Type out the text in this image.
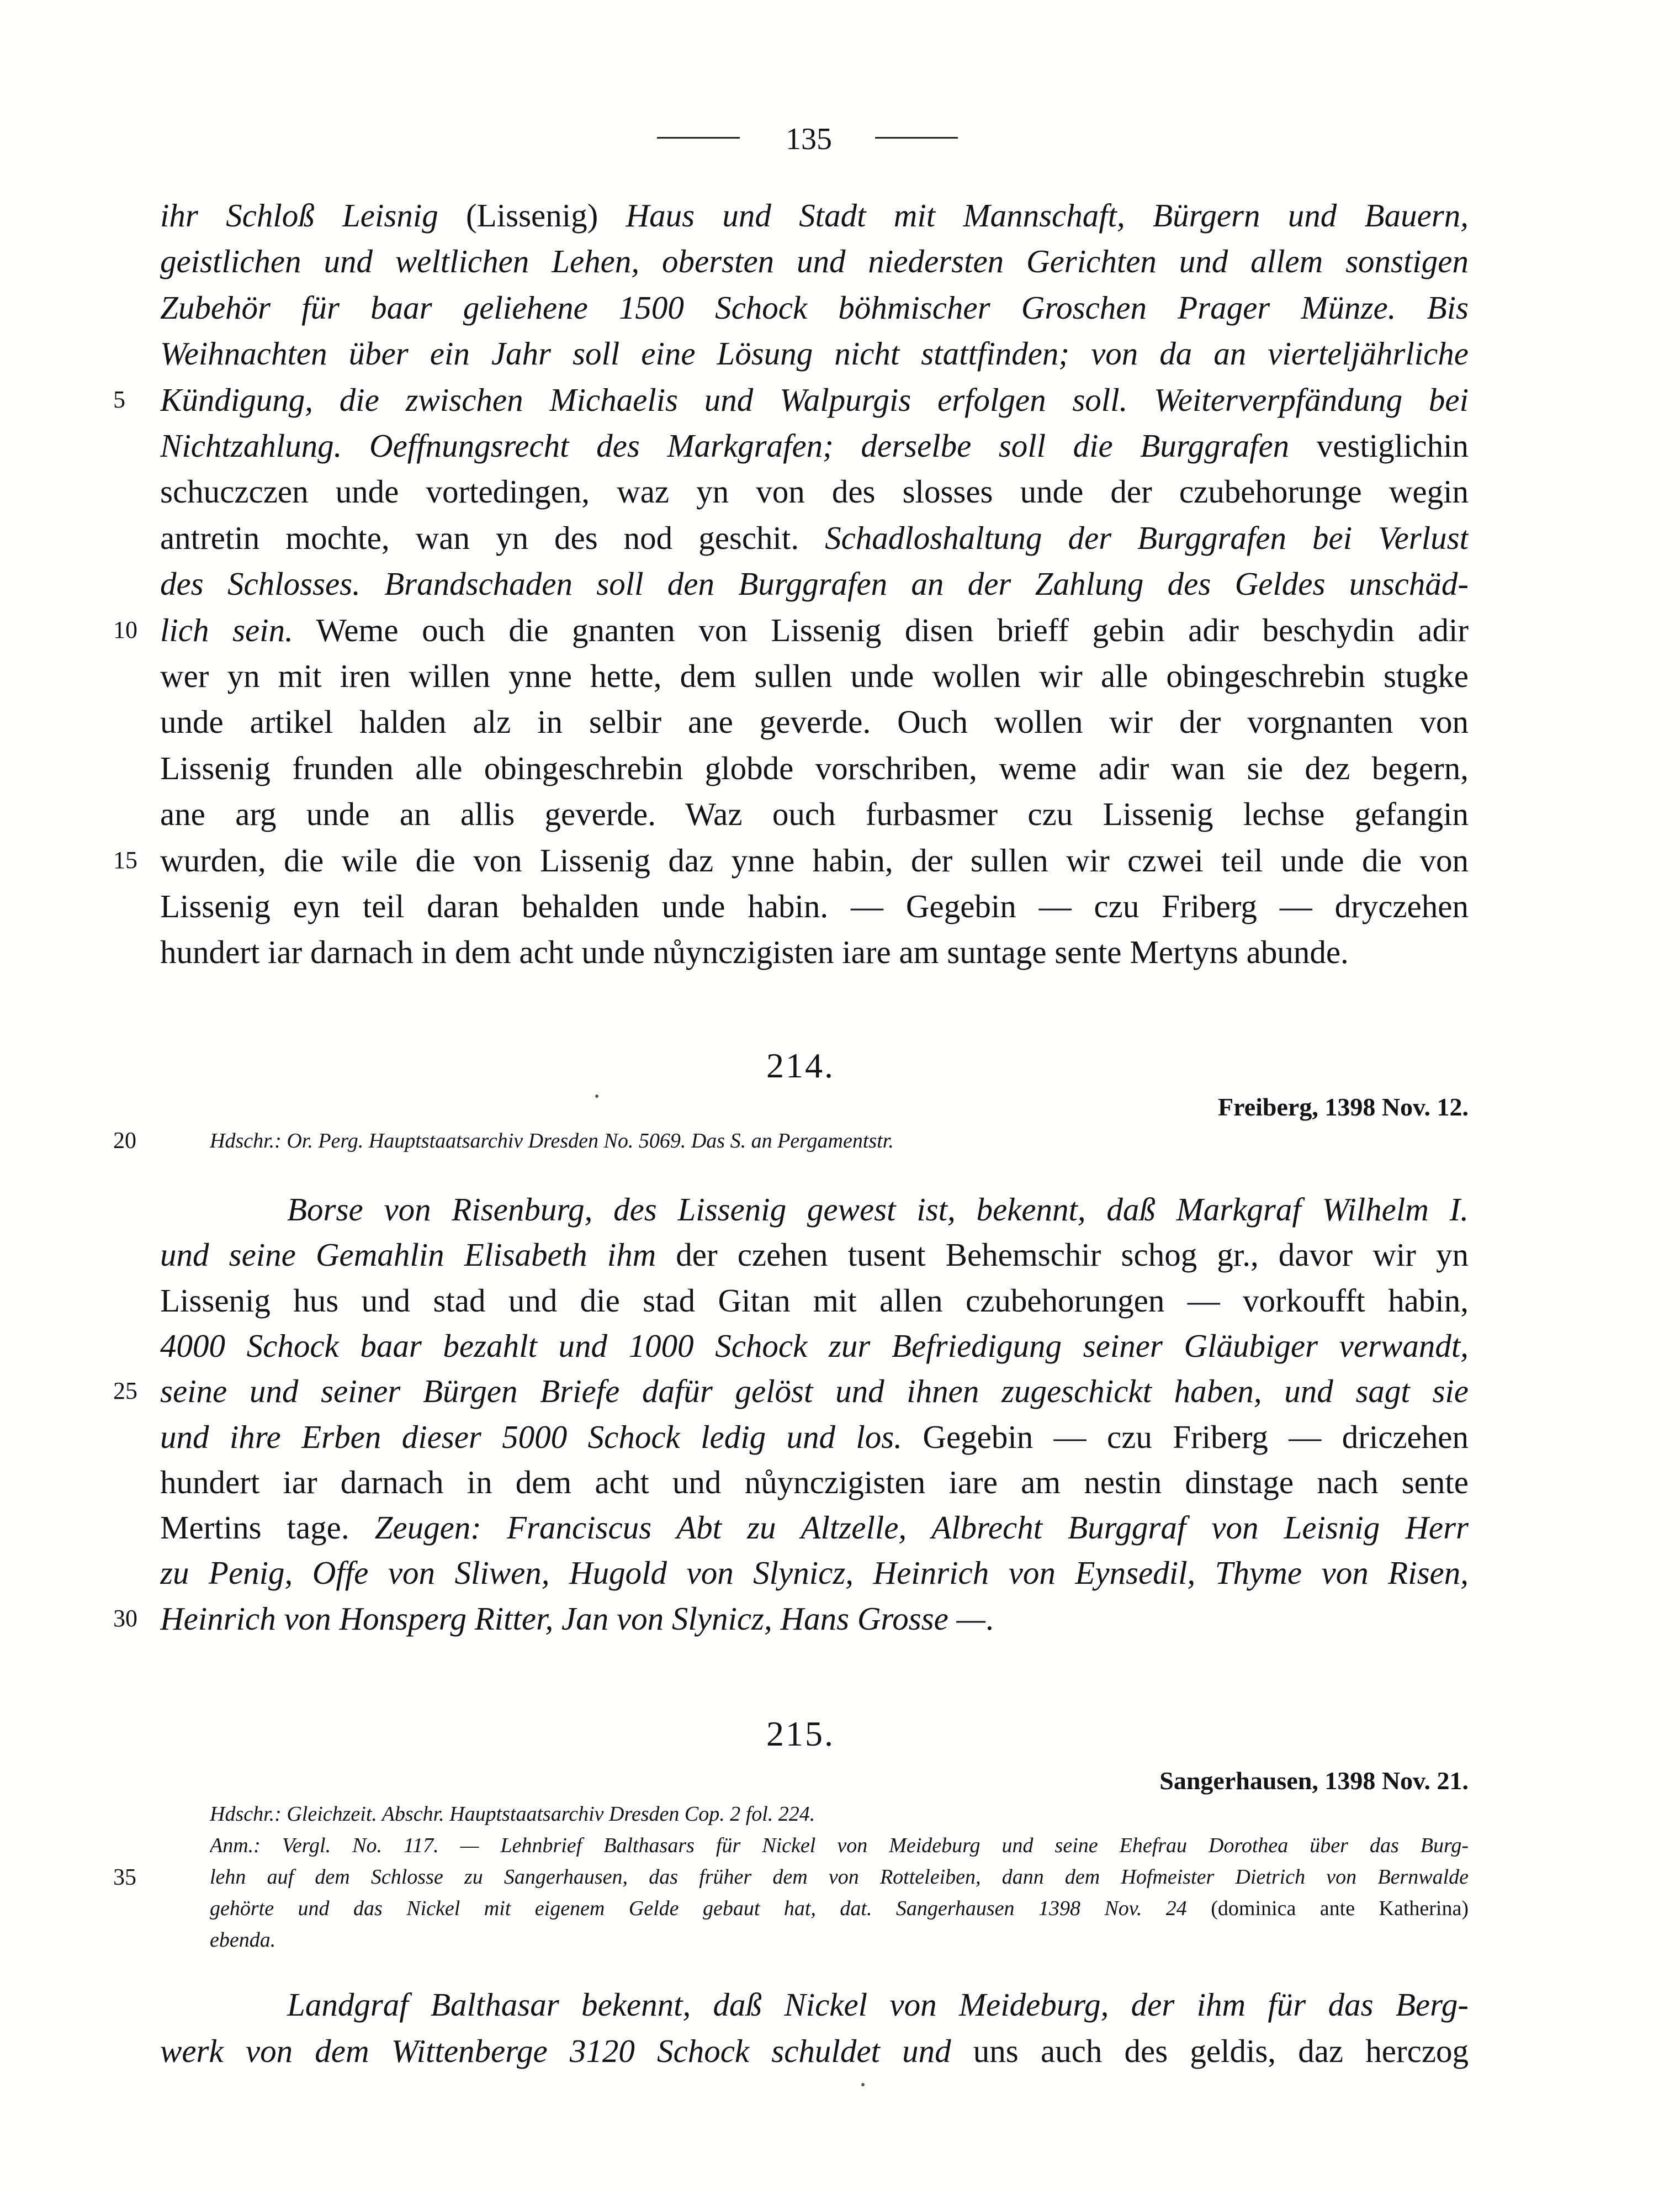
135
ihr Schloß Leisnig (Lissenig) Haus und Stadt mit Mannschaft, Bürgern und Bauern,
geistlichen und weltlichen Lehen, obersten und niedersten Gerichten und allem sonstigen
Zubehör für baar geliehene 1500 Schock böhmischer Groschen Prager Münze. Bis
Weihnachten über ein Jahr soll eine Lösung nicht stattfinden; von da an vierteljährliche
Kündigung, die zwischen Michaelis und Walpurgis erfolgen soll. Weiterverpfändung bei
5
Nichtzahlung. Oeffnungsrecht des Markgrafen; derselbe soll die Burggrafen vestiglichin
schuczczen unde vortedingen, waz yn von des slosses unde der czubehorunge wegin
antretin mochte, wan yn des nod geschit. Schadloshaltung der Burggrafen bei Verlust
des Schlosses. Brandschaden soll den Burggrafen an der Zahlung des Geldes unschäd-
lich sein. Weme ouch die gnanten von Lissenig disen brieff gebin adir beschydin adir
10
wer yn mit iren willen ynne hette, dem sullen unde wollen wir alle obingeschrebin stugke
unde artikel halden alz in selbir ane geverde. Ouch wollen wir der vorgnanten von
Lissenig frunden alle obingeschrebin globde vorschriben, weme adir wan sie dez begern,
ane arg unde an allis geverde. Waz ouch furbasmer czu Lissenig lechse gefangin
wurden, die wile die von Lissenig daz ynne habin, der sullen wir czwei teil unde die von
15
Lissenig eyn teil daran behalden unde habin. — Gegebin — czu Friberg — dryczehen
hundert iar darnach in dem acht unde nůynczigisten iare am suntage sente Mertyns abunde.
214.
Freiberg, 1398 Nov. 12.
20	Hdschr.: Or. Perg. Hauptstaatsarchiv Dresden No. 5069. Das S. an Pergamentstr.
Borse von Risenburg, des Lissenig gewest ist, bekennt, daß Markgraf Wilhelm I.
und seine Gemahlin Elisabeth ihm der czehen tusent Behemschir schog gr., davor wir yn
Lissenig hus und stad und die stad Gitan mit allen czubehorungen — vorkoufft habin,
4000 Schock baar bezahlt und 1000 Schock zur Befriedigung seiner Gläubiger verwandt,
seine und seiner Bürgen Briefe dafür gelöst und ihnen zugeschickt haben, und sagt sie
25
und ihre Erben dieser 5000 Schock ledig und los. Gegebin — czu Friberg — driczehen
hundert iar darnach in dem acht und nůynczigisten iare am nestin dinstage nach sente
Mertins tage. Zeugen: Franciscus Abt zu Altzelle, Albrecht Burggraf von Leisnig Herr
zu Penig, Offe von Sliwen, Hugold von Slynicz, Heinrich von Eynsedil, Thyme von Risen,
Heinrich von Honsperg Ritter, Jan von Slynicz, Hans Grosse —.
30
215.
Sangerhausen, 1398 Nov. 21.
35
Hdschr.: Gleichzeit. Abschr. Hauptstaatsarchiv Dresden Cop. 2 fol. 224.
Anm.: Vergl. No. 117. — Lehnbrief Balthasars für Nickel von Meideburg und seine Ehefrau Dorothea über das Burg-
lehn auf dem Schlosse zu Sangerhausen, das früher dem von Rotteleiben, dann dem Hofmeister Dietrich von Bernwalde
gehörte und das Nickel mit eigenem Gelde gebaut hat, dat. Sangerhausen 1398 Nov. 24 (dominica ante Katherina)
ebenda.
Landgraf Balthasar bekennt, daß Nickel von Meideburg, der ihm für das Berg-
werk von dem Wittenberge 3120 Schock schuldet und uns auch des geldis, daz herczog
